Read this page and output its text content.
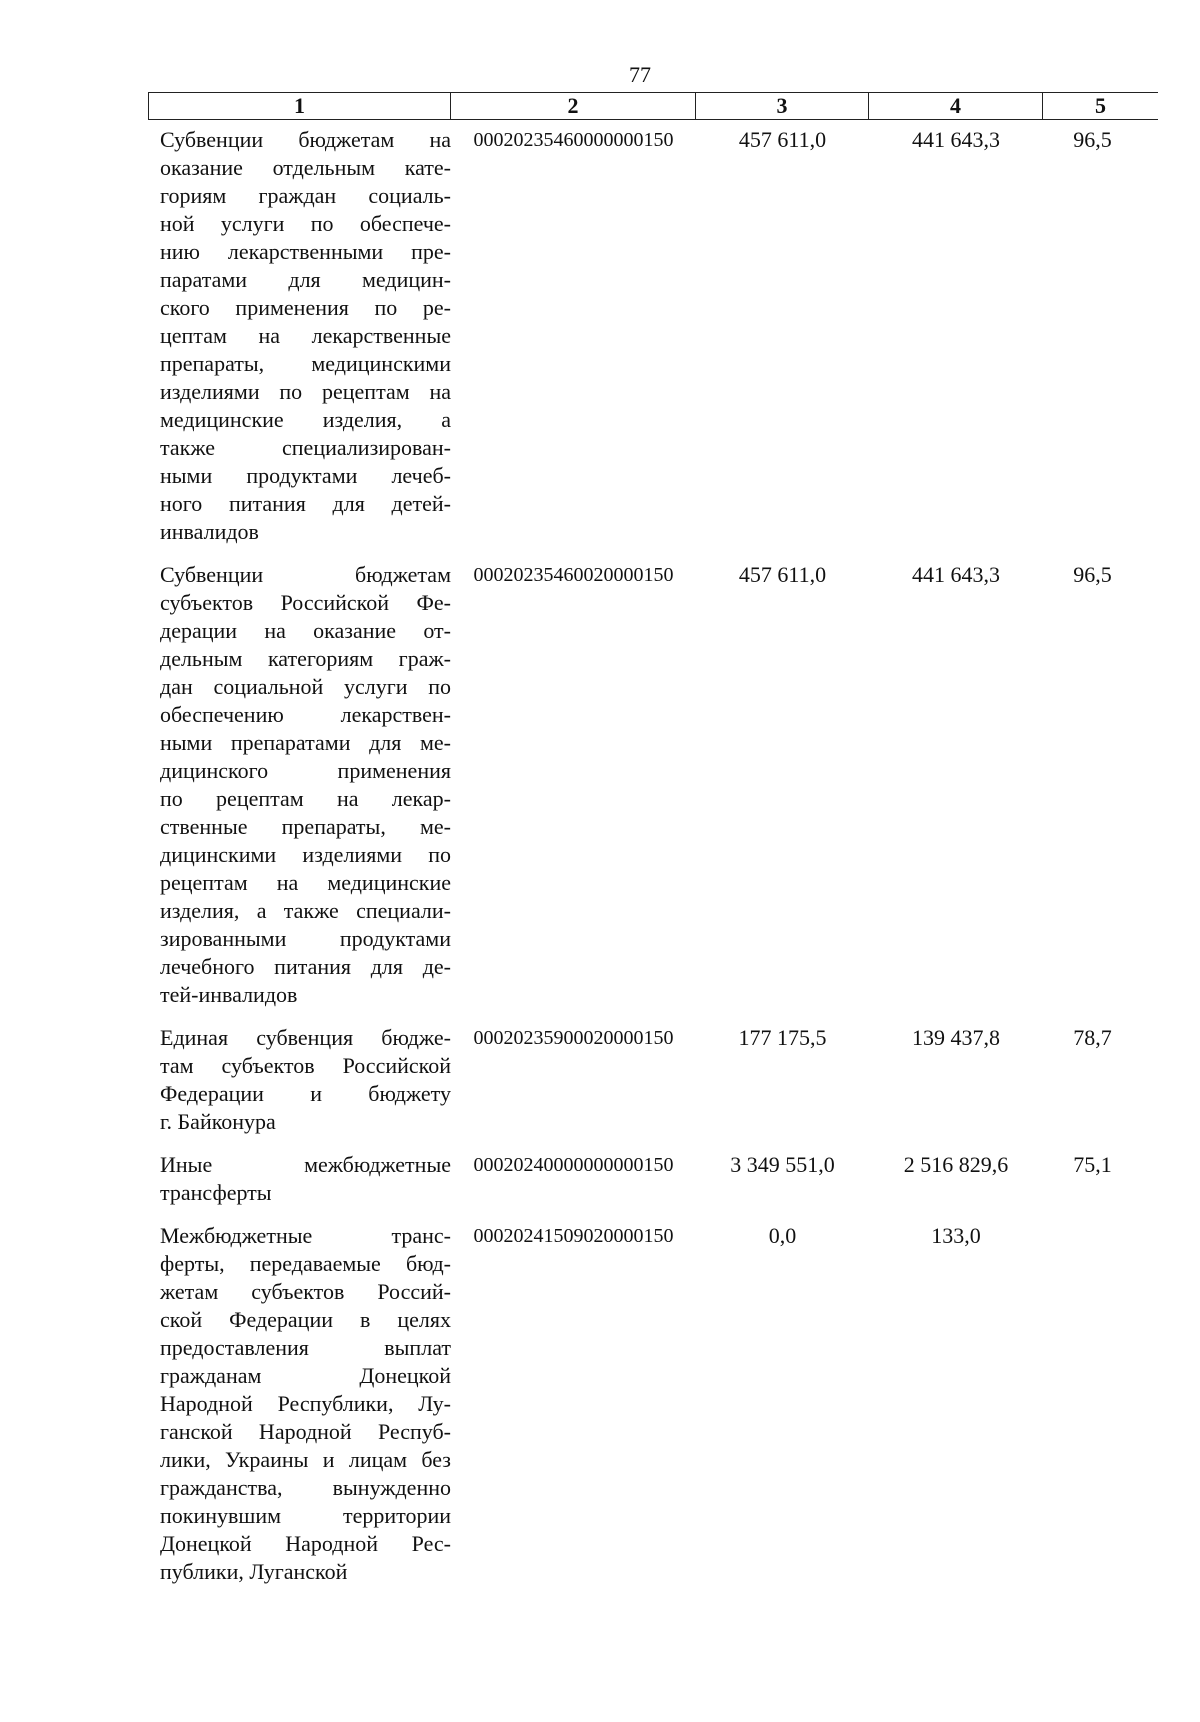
77
1	2	3	4	5
Субвенции бюджетам на
оказание отдельным кате-
гориям граждан социаль-
ной услуги по обеспече-
нию лекарственными пре-
паратами для медицин-
ского применения по ре-
цептам на лекарственные
препараты, медицинскими
изделиями по рецептам на
медицинские изделия, а
также специализирован-
ными продуктами лечеб-
ного питания для детей-
инвалидов
00020235460000000150	457 611,0	441 643,3	96,5
Субвенции бюджетам
субъектов Российской Фе-
дерации на оказание от-
дельным категориям граж-
дан социальной услуги по
обеспечению лекарствен-
ными препаратами для ме-
дицинского применения
по рецептам на лекар-
ственные препараты, ме-
дицинскими изделиями по
рецептам на медицинские
изделия, а также специали-
зированными продуктами
лечебного питания для де-
тей-инвалидов
00020235460020000150	457 611,0	441 643,3	96,5
Единая субвенция бюдже-
там субъектов Российской
Федерации и бюджету
г. Байконура
00020235900020000150	177 175,5	139 437,8	78,7
Иные межбюджетные
трансферты
00020240000000000150	3 349 551,0	2 516 829,6	75,1
Межбюджетные транс-
ферты, передаваемые бюд-
жетам субъектов Россий-
ской Федерации в целях
предоставления выплат
гражданам Донецкой
Народной Республики, Лу-
ганской Народной Респуб-
лики, Украины и лицам без
гражданства, вынужденно
покинувшим территории
Донецкой Народной Рес-
публики, Луганской
00020241509020000150	0,0	133,0
